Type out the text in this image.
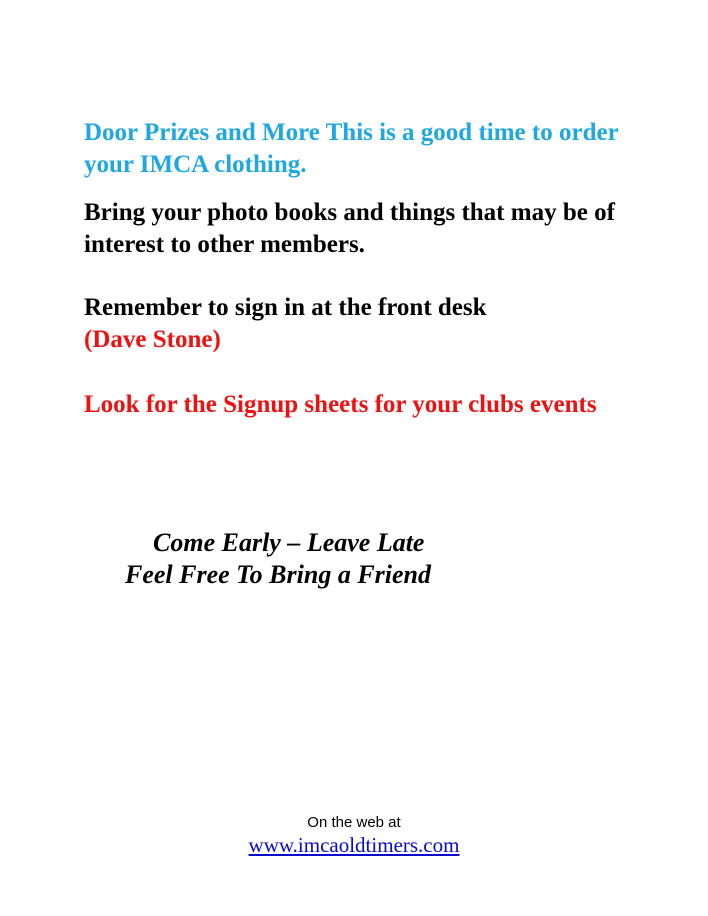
Door Prizes and More This is a good time to order your IMCA clothing.

Bring your photo books and things that may be of interest to other members.

Remember to sign in at the front desk

(Dave Stone)

Look for the Signup sheets for your clubs events

Come Early – Leave Late
Feel Free To Bring a Friend
On the web at
www.imcaoldtimers.com
